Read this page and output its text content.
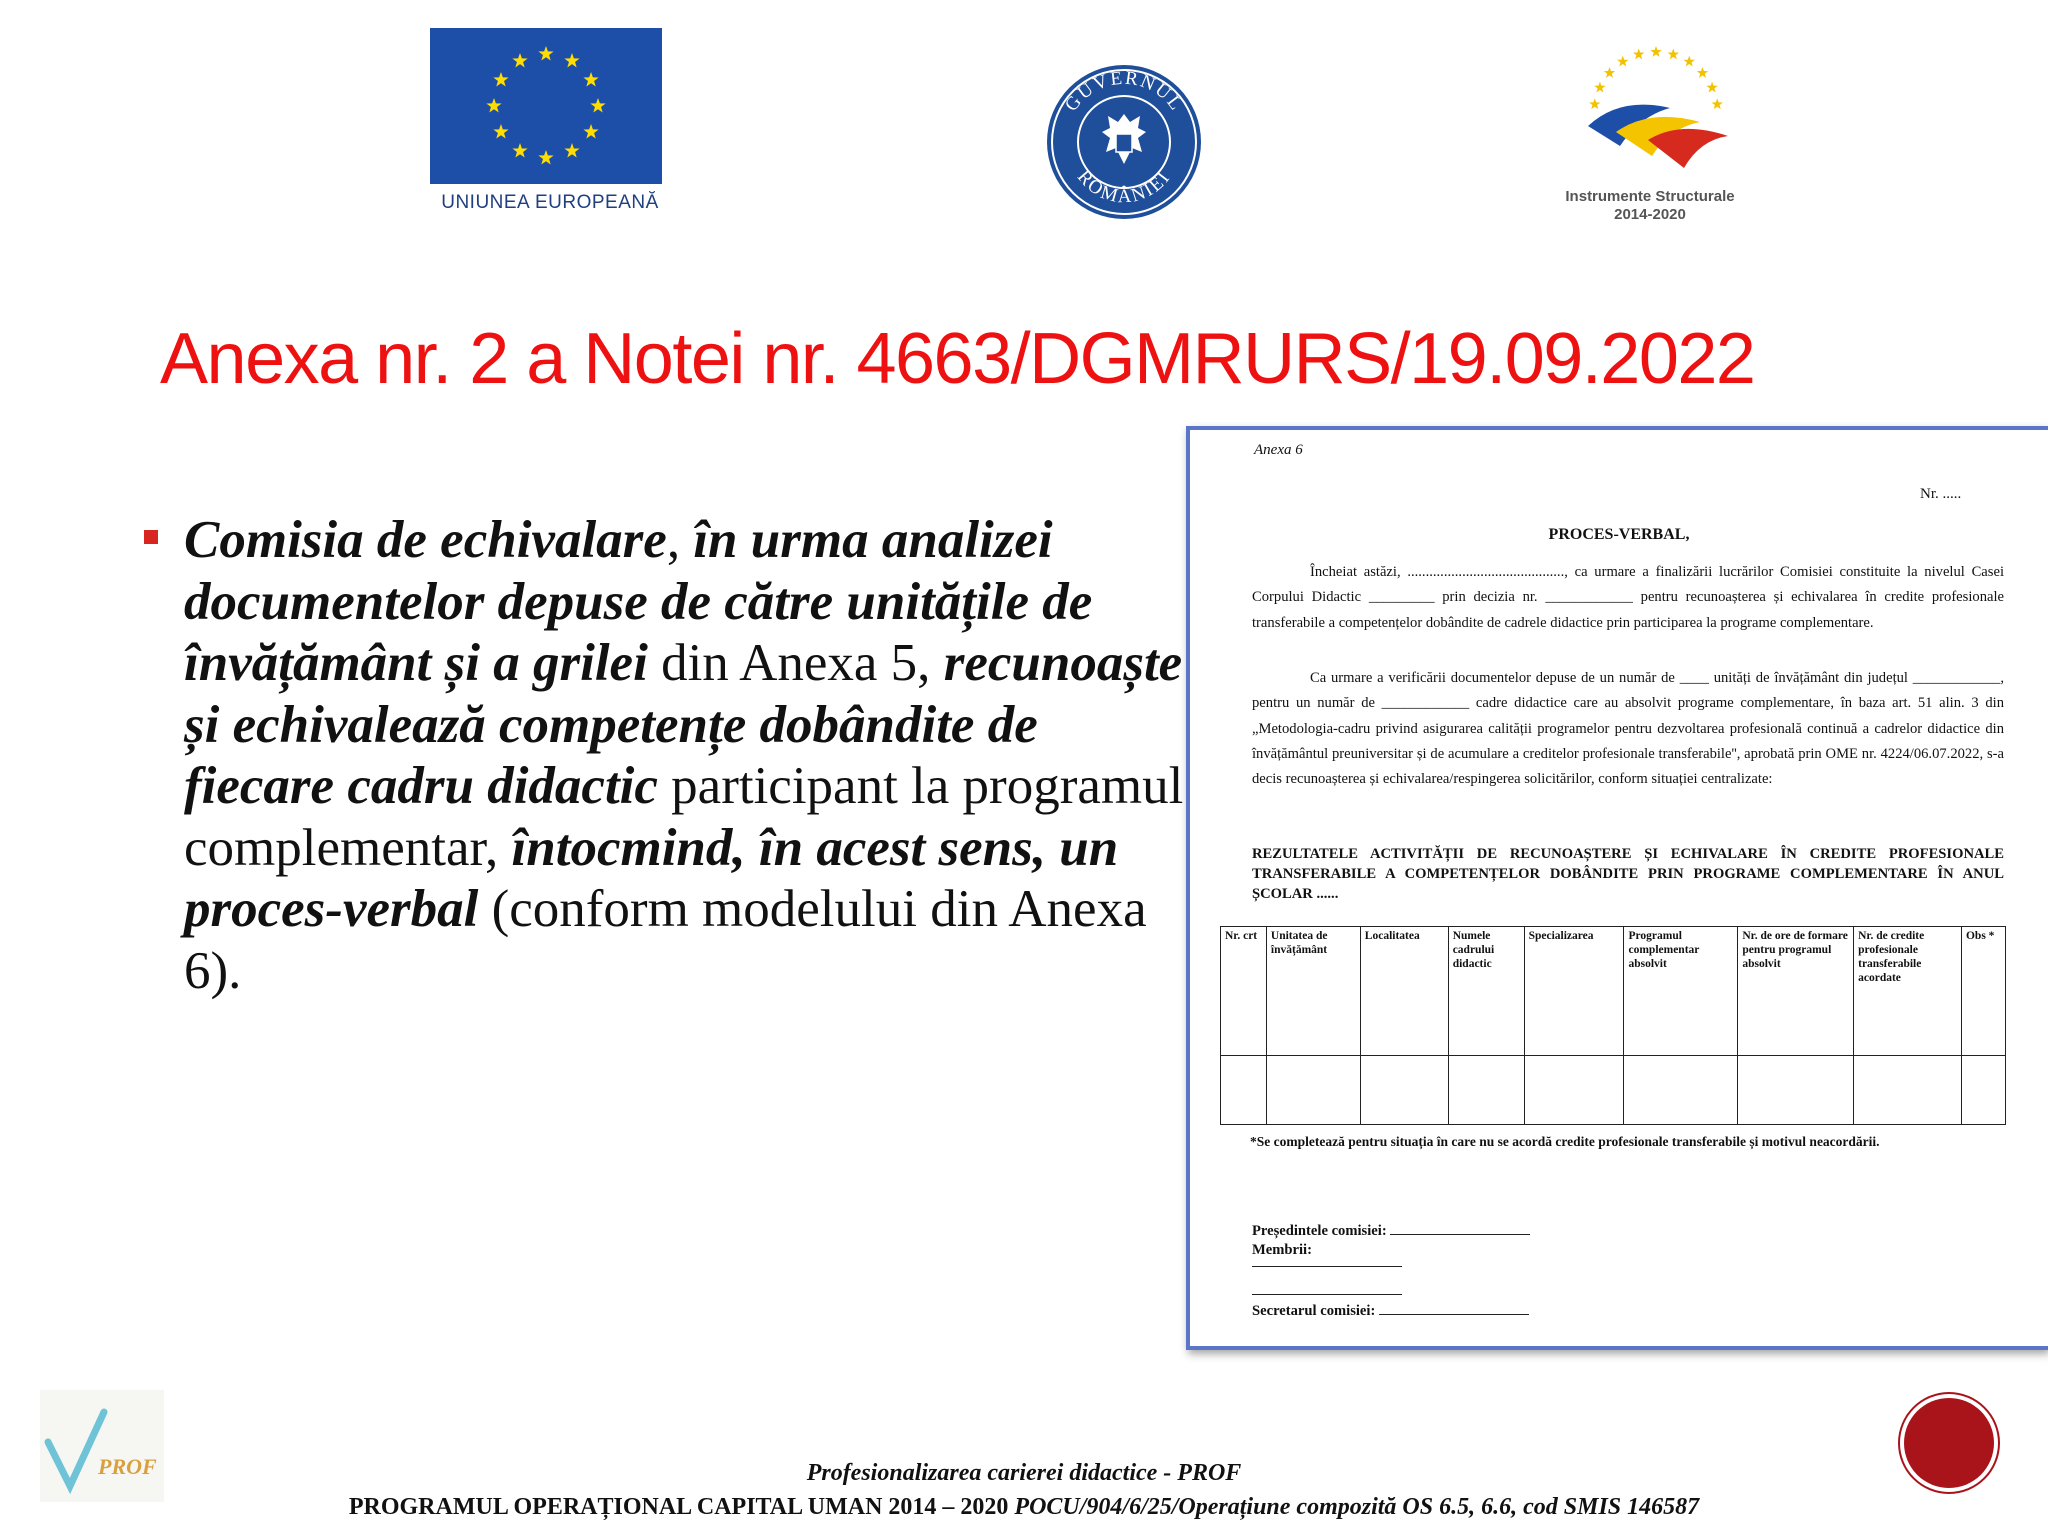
UNIUNEA EUROPEANĂ
GUVERNUL
ROMÂNIEI
Instrumente Structurale
2014-2020
Anexa nr. 2 a Notei nr. 4663/DGMRURS/19.09.2022
Comisia de echivalare, în urma analizei documentelor depuse de către unitățile de învățământ și a grilei din Anexa 5, recunoaște și echivalează competențe dobândite de fiecare cadru didactic participant la programul complementar, întocmind, în acest sens, un proces-verbal (conform modelului din Anexa 6).
Anexa 6
Nr. .....
PROCES-VERBAL,
Încheiat astăzi, ..........................................., ca urmare a finalizării lucrărilor Comisiei constituite la nivelul Casei Corpului Didactic _________ prin decizia nr. ____________ pentru recunoașterea și echivalarea în credite profesionale transferabile a competențelor dobândite de cadrele didactice prin participarea la programe complementare.
Ca urmare a verificării documentelor depuse de un număr de ____ unități de învățământ din județul ____________, pentru un număr de ____________ cadre didactice care au absolvit programe complementare, în baza art. 51 alin. 3 din „Metodologia-cadru privind asigurarea calității programelor pentru dezvoltarea profesională continuă a cadrelor didactice din învățământul preuniversitar și de acumulare a creditelor profesionale transferabile'', aprobată prin OME nr. 4224/06.07.2022, s-a decis recunoașterea și echivalarea/respingerea solicitărilor, conform situației centralizate:
REZULTATELE ACTIVITĂȚII DE RECUNOAȘTERE ȘI ECHIVALARE ÎN CREDITE PROFESIONALE TRANSFERABILE A COMPETENȚELOR DOBÂNDITE PRIN PROGRAME COMPLEMENTARE ÎN ANUL ȘCOLAR ......
Nr. crt	Unitatea de învățământ	Localitatea	Numele cadrului didactic	Specializarea	Programul complementar absolvit	Nr. de ore de formare pentru programul absolvit	Nr. de credite profesionale transferabile acordate	Obs *

*Se completează pentru situația în care nu se acordă credite profesionale transferabile și motivul neacordării.
Președintele comisiei:
Membrii:
Secretarul comisiei:
PROF	Profesionalizarea carierei didactice - PROF
PROGRAMUL OPERAȚIONAL CAPITAL UMAN 2014 – 2020 POCU/904/6/25/Operațiune compozită OS 6.5, 6.6, cod SMIS 146587
